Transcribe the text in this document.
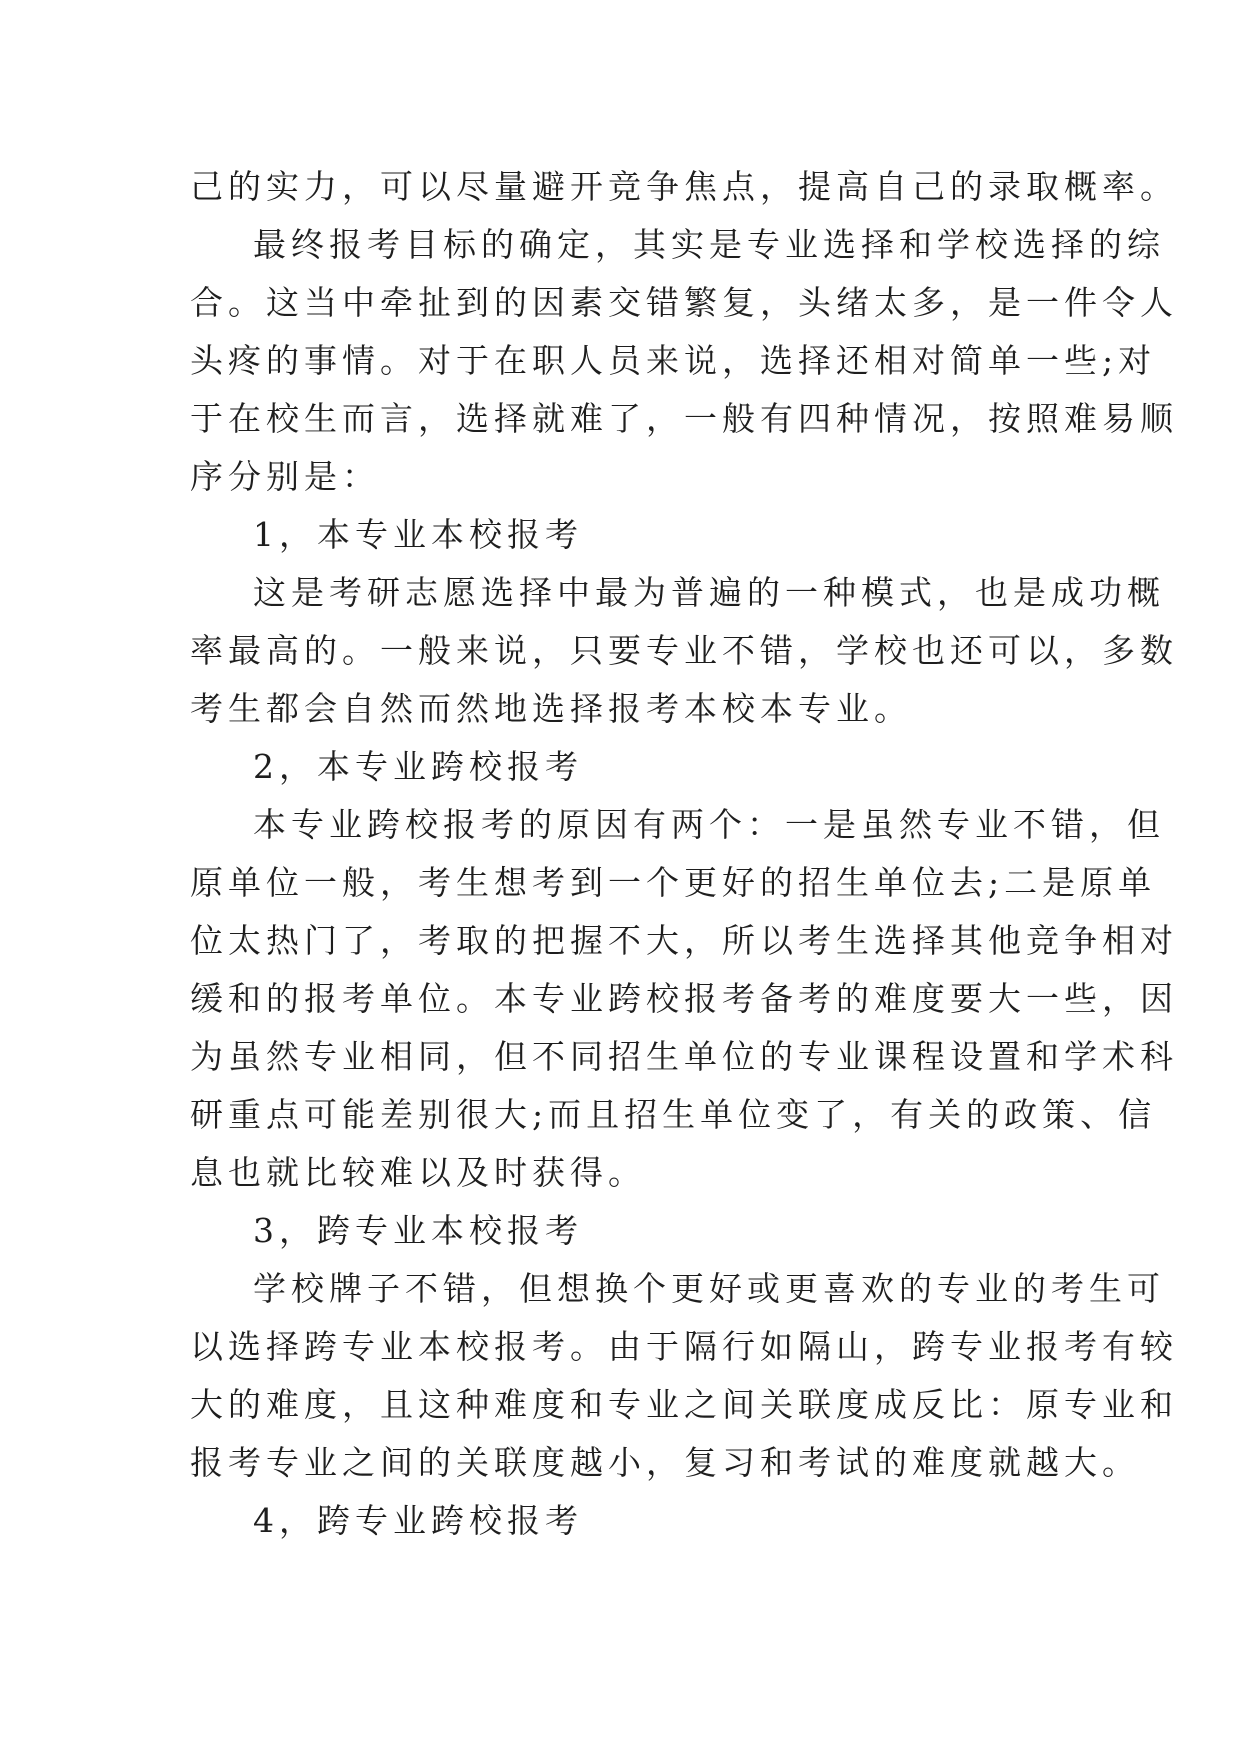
己的实力，可以尽量避开竞争焦点，提高自己的录取概率。
最终报考目标的确定，其实是专业选择和学校选择的综
合。这当中牵扯到的因素交错繁复，头绪太多，是一件令人
头疼的事情。对于在职人员来说，选择还相对简单一些;对
于在校生而言，选择就难了，一般有四种情况，按照难易顺
序分别是：
1，本专业本校报考
这是考研志愿选择中最为普遍的一种模式，也是成功概
率最高的。一般来说，只要专业不错，学校也还可以，多数
考生都会自然而然地选择报考本校本专业。
2，本专业跨校报考
本专业跨校报考的原因有两个：一是虽然专业不错，但
原单位一般，考生想考到一个更好的招生单位去;二是原单
位太热门了，考取的把握不大，所以考生选择其他竞争相对
缓和的报考单位。本专业跨校报考备考的难度要大一些，因
为虽然专业相同，但不同招生单位的专业课程设置和学术科
研重点可能差别很大;而且招生单位变了，有关的政策、信
息也就比较难以及时获得。
3，跨专业本校报考
学校牌子不错，但想换个更好或更喜欢的专业的考生可
以选择跨专业本校报考。由于隔行如隔山，跨专业报考有较
大的难度，且这种难度和专业之间关联度成反比：原专业和
报考专业之间的关联度越小，复习和考试的难度就越大。
4，跨专业跨校报考
